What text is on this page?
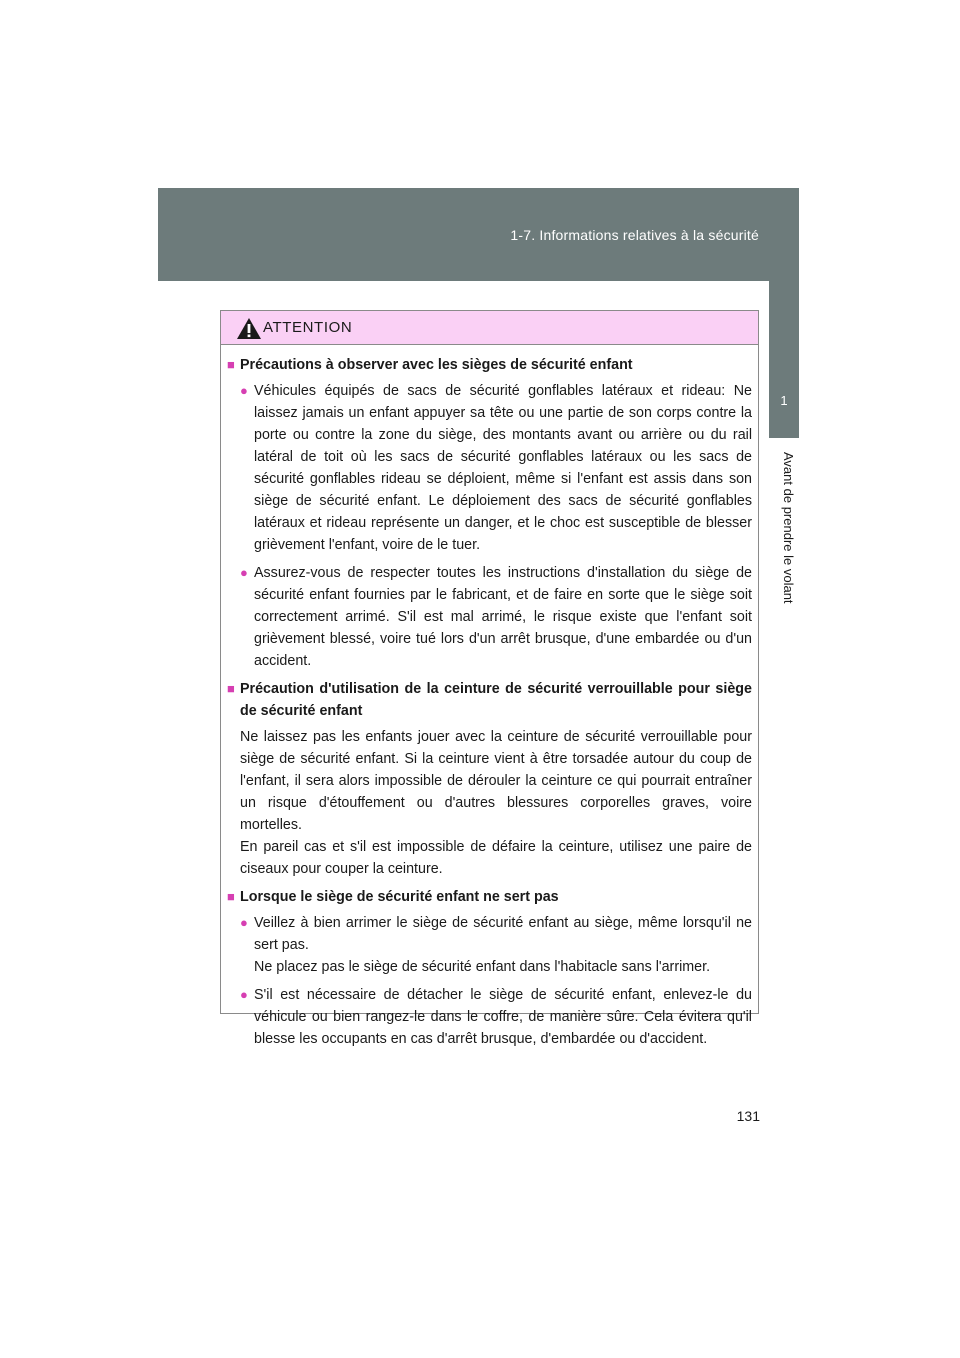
1-7. Informations relatives à la sécurité
1
Avant de prendre le volant
ATTENTION
■ Précautions à observer avec les sièges de sécurité enfant
● Véhicules équipés de sacs de sécurité gonflables latéraux et rideau: Ne laissez jamais un enfant appuyer sa tête ou une partie de son corps contre la porte ou contre la zone du siège, des montants avant ou arrière ou du rail latéral de toit où les sacs de sécurité gonflables latéraux ou les sacs de sécurité gonflables rideau se déploient, même si l'enfant est assis dans son siège de sécurité enfant. Le déploiement des sacs de sécurité gonflables latéraux et rideau représente un danger, et le choc est susceptible de blesser grièvement l'enfant, voire de le tuer.
● Assurez-vous de respecter toutes les instructions d'installation du siège de sécurité enfant fournies par le fabricant, et de faire en sorte que le siège soit correctement arrimé. S'il est mal arrimé, le risque existe que l'enfant soit grièvement blessé, voire tué lors d'un arrêt brusque, d'une embardée ou d'un accident.
■ Précaution d'utilisation de la ceinture de sécurité verrouillable pour siège de sécurité enfant
Ne laissez pas les enfants jouer avec la ceinture de sécurité verrouillable pour siège de sécurité enfant. Si la ceinture vient à être torsadée autour du coup de l'enfant, il sera alors impossible de dérouler la ceinture ce qui pourrait entraîner un risque d'étouffement ou d'autres blessures corporelles graves, voire mortelles.
En pareil cas et s'il est impossible de défaire la ceinture, utilisez une paire de ciseaux pour couper la ceinture.
■ Lorsque le siège de sécurité enfant ne sert pas
● Veillez à bien arrimer le siège de sécurité enfant au siège, même lorsqu'il ne sert pas.
Ne placez pas le siège de sécurité enfant dans l'habitacle sans l'arrimer.
● S'il est nécessaire de détacher le siège de sécurité enfant, enlevez-le du véhicule ou bien rangez-le dans le coffre, de manière sûre. Cela évitera qu'il blesse les occupants en cas d'arrêt brusque, d'embardée ou d'accident.
131
